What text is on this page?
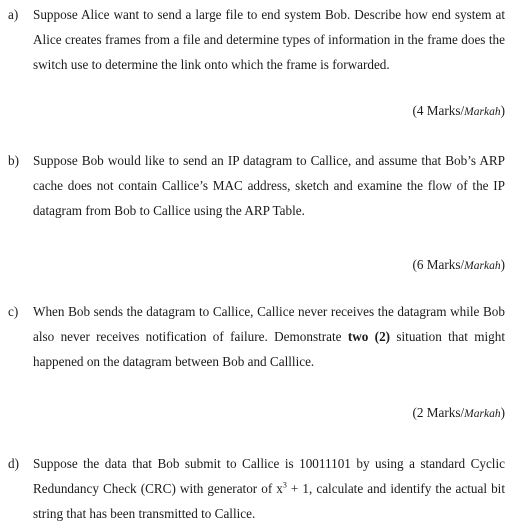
a)	Suppose Alice want to send a large file to end system Bob. Describe how end system at Alice creates frames from a file and determine types of information in the frame does the switch use to determine the link onto which the frame is forwarded.
(4 Marks/Markah)
b)	Suppose Bob would like to send an IP datagram to Callice, and assume that Bob’s ARP cache does not contain Callice’s MAC address, sketch and examine the flow of the IP datagram from Bob to Callice using the ARP Table.
(6 Marks/Markah)
c)	When Bob sends the datagram to Callice, Callice never receives the datagram while Bob also never receives notification of failure. Demonstrate two (2) situation that might happened on the datagram between Bob and Calllice.
(2 Marks/Markah)
d)	Suppose the data that Bob submit to Callice is 10011101 by using a standard Cyclic Redundancy Check (CRC) with generator of $x^3 + 1$, calculate and identify the actual bit string that has been transmitted to Callice.
